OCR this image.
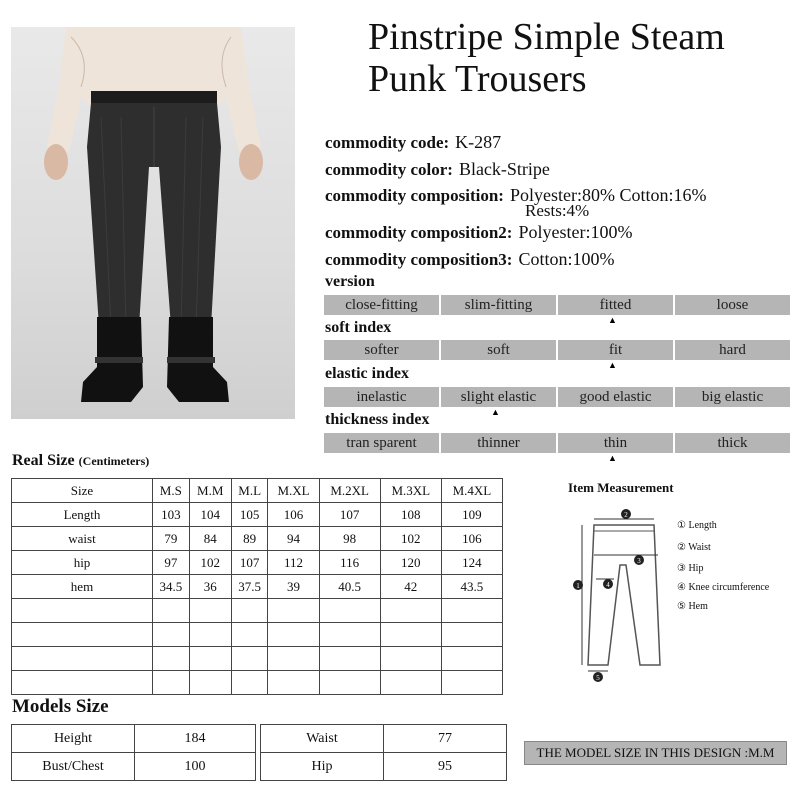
Pinstripe Simple Steam Punk Trousers
commodity code: K-287
commodity color: Black-Stripe
commodity composition: Polyester:80% Cotton:16%
Rests:4%
commodity composition2: Polyester:100%
commodity composition3: Cotton:100%
version
close-fitting	slim-fitting	fitted	loose
▲
soft index
softer	soft	fit	hard
▲
elastic index
inelastic	slight elastic	good elastic	big elastic
▲
thickness index
tran sparent	thinner	thin	thick
▲
Real Size (Centimeters)
Size	M.S	M.M	M.L	M.XL	M.2XL	M.3XL	M.4XL
Length	103	104	105	106	107	108	109
waist	79	84	89	94	98	102	106
hip	97	102	107	112	116	120	124
hem	34.5	36	37.5	39	40.5	42	43.5

Item Measurement
2
3
4
1
5
① Length
② Waist
③ Hip
④ Knee circumference
⑤ Hem
Models Size
Height	184
Bust/Chest	100
Waist	77
Hip	95
THE MODEL SIZE IN THIS DESIGN :M.M
